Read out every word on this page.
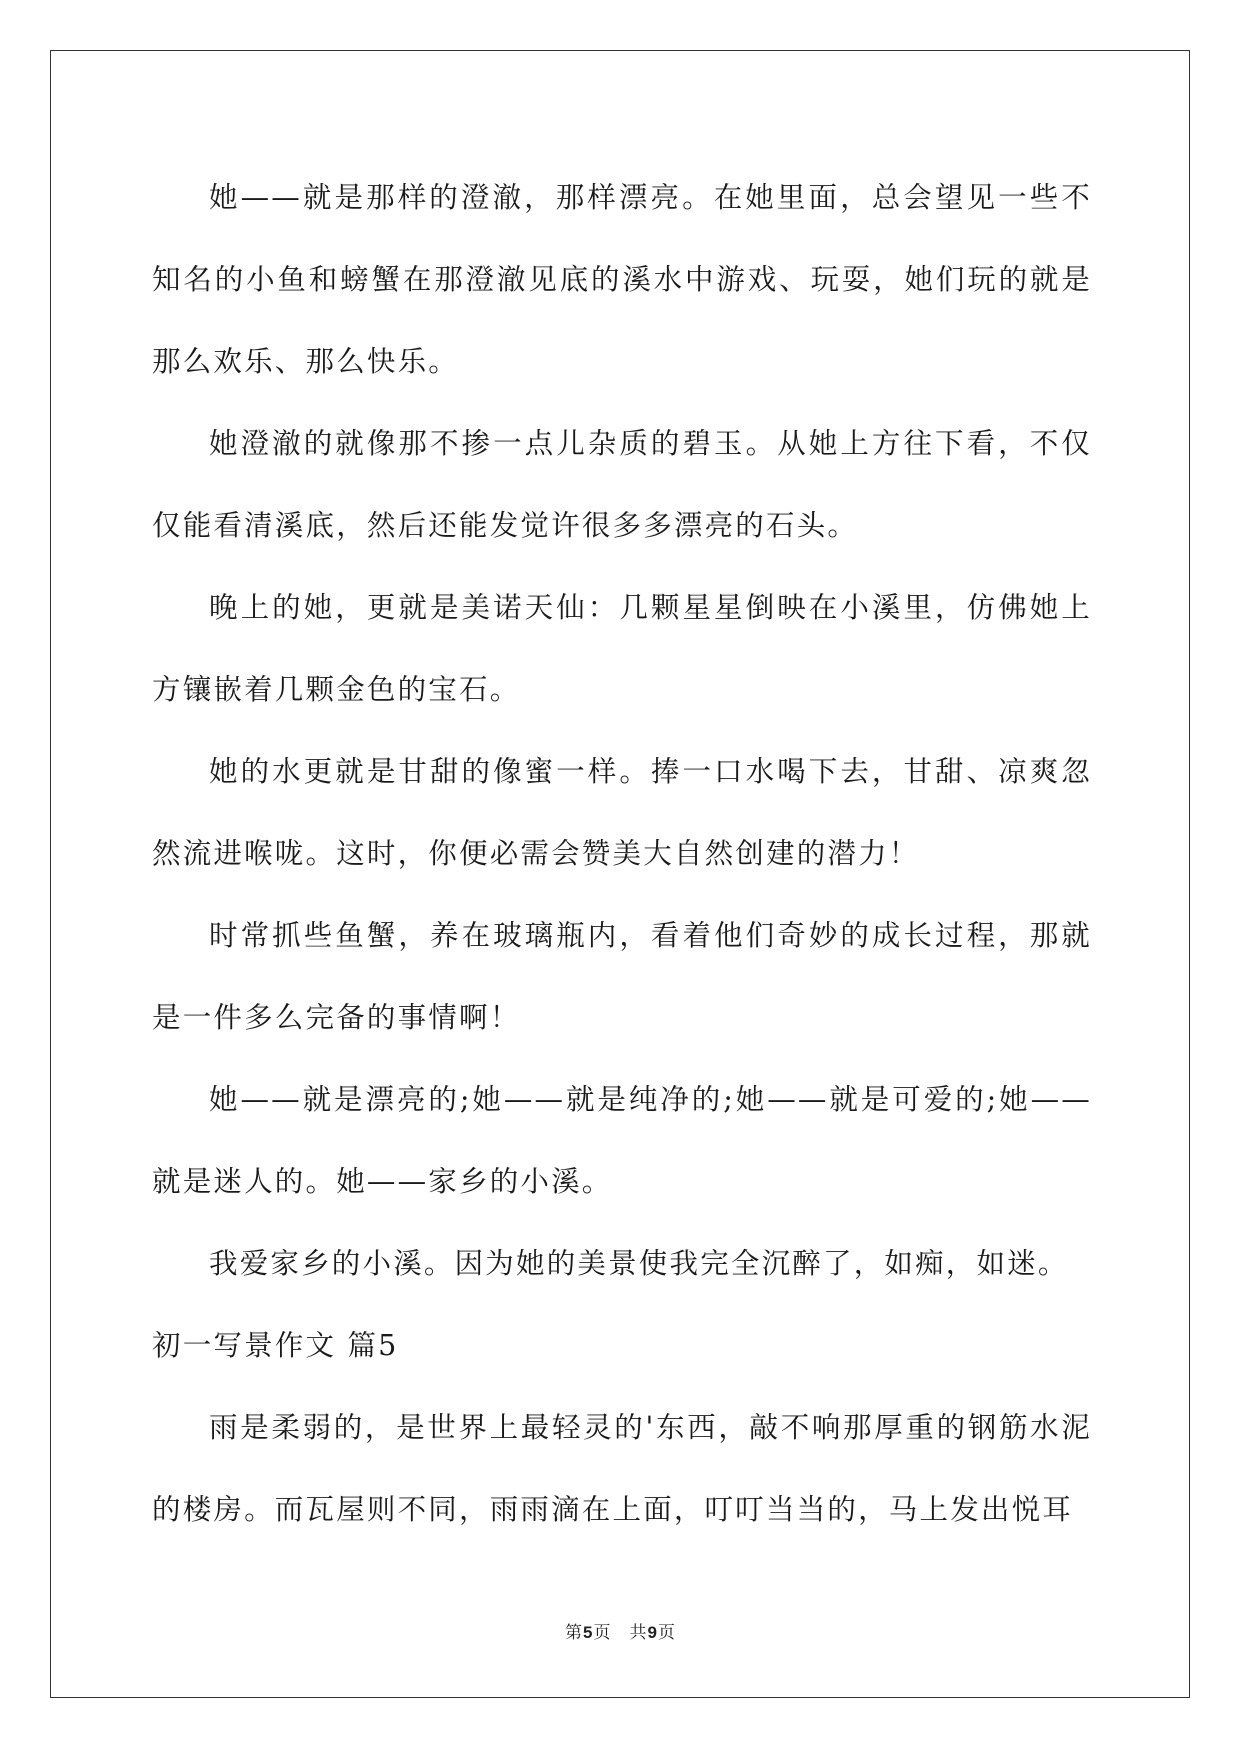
她——就是那样的澄澈，那样漂亮。在她里面，总会望见一些不知名的小鱼和螃蟹在那澄澈见底的溪水中游戏、玩耍，她们玩的就是那么欢乐、那么快乐。

她澄澈的就像那不掺一点儿杂质的碧玉。从她上方往下看，不仅仅能看清溪底，然后还能发觉许很多多漂亮的石头。

晚上的她，更就是美诺天仙：几颗星星倒映在小溪里，仿佛她上方镶嵌着几颗金色的宝石。

她的水更就是甘甜的像蜜一样。捧一口水喝下去，甘甜、凉爽忽然流进喉咙。这时，你便必需会赞美大自然创建的潜力！

时常抓些鱼蟹，养在玻璃瓶内，看着他们奇妙的成长过程，那就是一件多么完备的事情啊！

她——就是漂亮的;她——就是纯净的;她——就是可爱的;她——就是迷人的。她——家乡的小溪。

我爱家乡的小溪。因为她的美景使我完全沉醉了，如痴，如迷。

初一写景作文 篇5

雨是柔弱的，是世界上最轻灵的'东西，敲不响那厚重的钢筋水泥的楼房。而瓦屋则不同，雨雨滴在上面，叮叮当当的，马上发出悦耳

第5页　共9页
